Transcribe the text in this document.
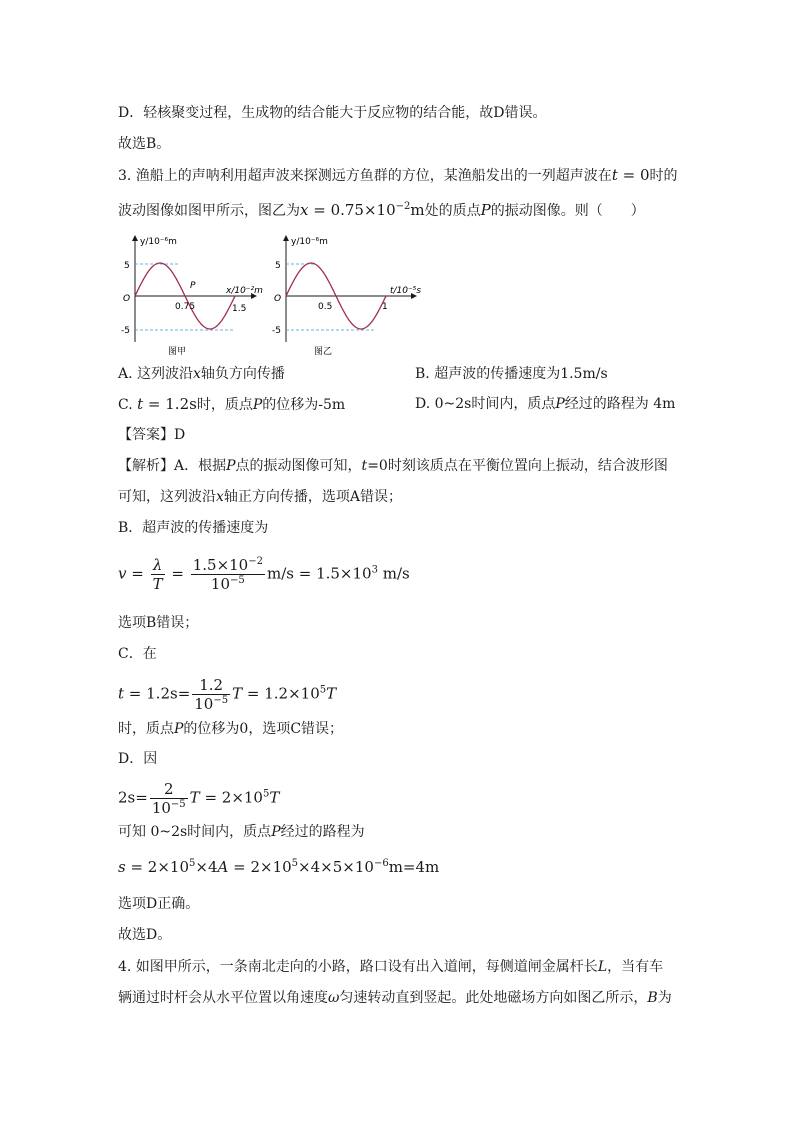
D．轻核聚变过程，生成物的结合能大于反应物的结合能，故D错误。
故选B。
3. 渔船上的声呐利用超声波来探测远方鱼群的方位，某渔船发出的一列超声波在t = 0时的
波动图像如图甲所示，图乙为$x = 0.75\times 10^{-2}m$处的质点P的振动图像。则（　　）
y/10⁻⁶m
x/10⁻²m
5
-5
O
0.75	1.5
P
图甲
y/10⁻⁶m
t/10⁻⁵s
5
-5
O
0.5	1
图乙
A. 这列波沿x轴负方向传播	B. 超声波的传播速度为1.5m/s
C. t = 1.2s时，质点P的位移为-5m	D. 0~2s时间内，质点P经过的路程为 4m
【答案】D
【解析】A．根据P点的振动图像可知，t=0时刻该质点在平衡位置向上振动，结合波形图
可知，这列波沿x轴正方向传播，选项A错误；
B．超声波的传播速度为
$v = \frac{\lambda}{T} = \frac{1.5\times 10^{-2}}{10^{-5}} m/s = 1.5\times 10^3$ m/s
选项B错误；
C．在
$t = 1.2s= \frac{1.2}{10^{-5}}$ $T = 1.2\times 10^5T$
时，质点P的位移为0，选项C错误；
D．因
$2s= \frac{2}{10^{-5}}$ $T = 2\times 10^5T$
可知 0~2s时间内，质点P经过的路程为
$s = 2\times 10^5\times 4A = 2\times 10^5\times 4\times 5\times 10^{-6}m=4m$
选项D正确。
故选D。
4. 如图甲所示，一条南北走向的小路，路口设有出入道闸，每侧道闸金属杆长L，当有车
辆通过时杆会从水平位置以角速度ω匀速转动直到竖起。此处地磁场方向如图乙所示，B为
